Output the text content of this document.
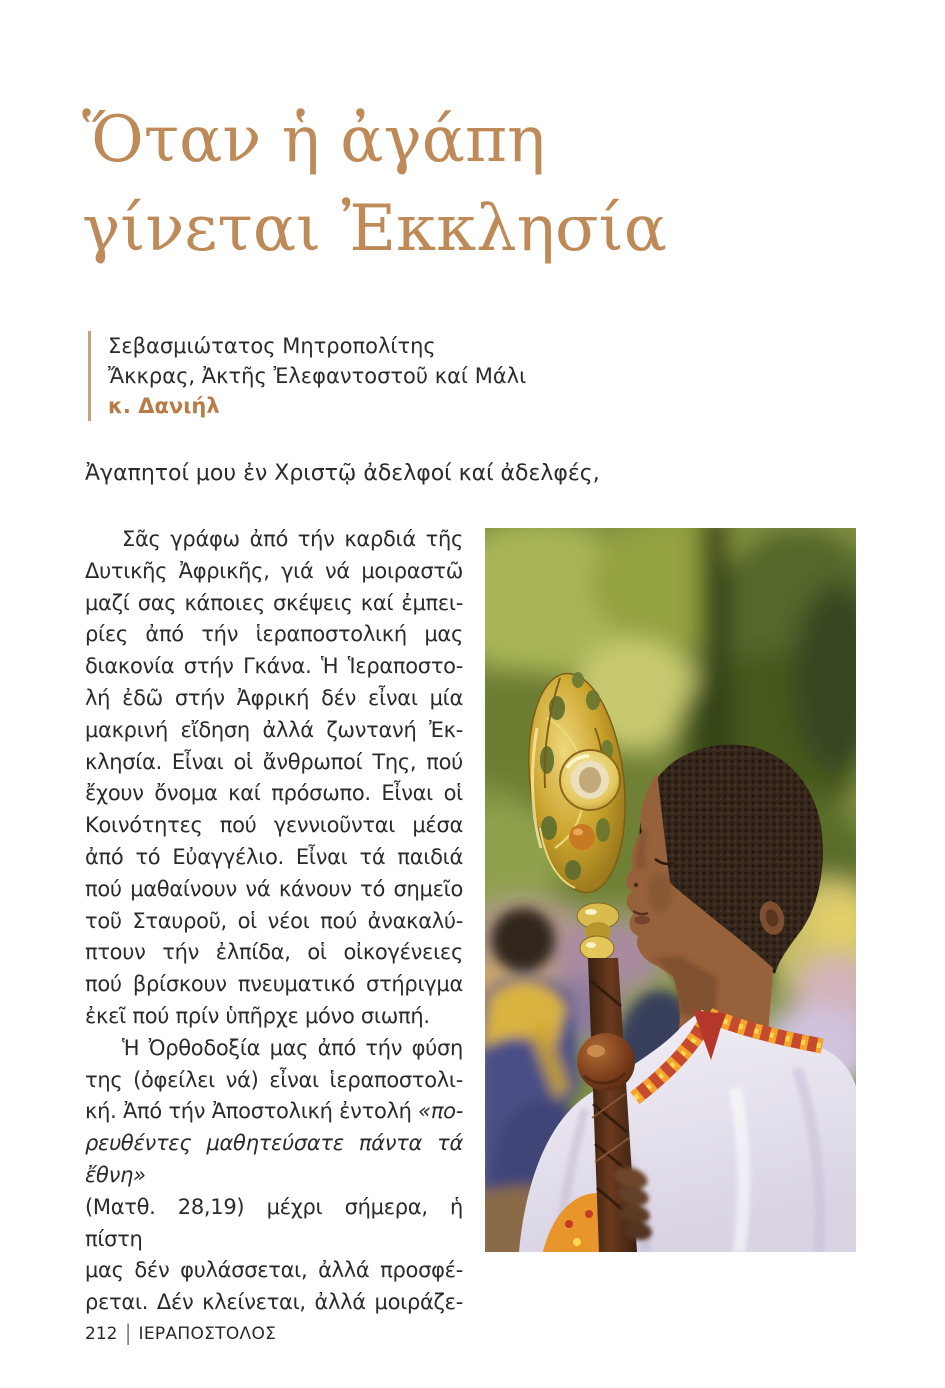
Ὅταν ἡ ἀγάπη
γίνεται Ἐκκλησία
Σεβασμιώτατος Μητροπολίτης
Ἄκκρας, Ἀκτῆς Ἐλεφαντοστοῦ καί Μάλι
κ. Δανιήλ
Ἀγαπητοί μου ἐν Χριστῷ ἀδελφοί καί ἀδελφές,
Σᾶς γράφω ἀπό τήν καρδιά τῆς
Δυτικῆς Ἀφρικῆς, γιά νά μοιραστῶ
μαζί σας κάποιες σκέψεις καί ἐμπει-
ρίες ἀπό τήν ἱεραποστολική μας
διακονία στήν Γκάνα. Ἡ Ἱεραποστο-
λή ἐδῶ στήν Ἀφρική δέν εἶναι μία
μακρινή εἴδηση ἀλλά ζωντανή Ἐκ-
κλησία. Εἶναι οἱ ἄνθρωποί Της, πού
ἔχουν ὄνομα καί πρόσωπο. Εἶναι οἱ
Κοινότητες πού γεννιοῦνται μέσα
ἀπό τό Εὐαγγέλιο. Εἶναι τά παιδιά
πού μαθαίνουν νά κάνουν τό σημεῖο
τοῦ Σταυροῦ, οἱ νέοι πού ἀνακαλύ-
πτουν τήν ἐλπίδα, οἱ οἰκογένειες
πού βρίσκουν πνευματικό στήριγμα
ἐκεῖ πού πρίν ὑπῆρχε μόνο σιωπή.
Ἡ Ὀρθοδοξία μας ἀπό τήν φύση
της (ὀφείλει νά) εἶναι ἱεραποστολι-
κή. Ἀπό τήν Ἀποστολική ἐντολή «πο-
ρευθέντες μαθητεύσατε πάντα τά ἔθνη»
(Ματθ. 28,19) μέχρι σήμερα, ἡ πίστη
μας δέν φυλάσσεται, ἀλλά προσφέ-
ρεται. Δέν κλείνεται, ἀλλά μοιράζε-
212 | ΙΕΡΑΠΟΣΤΟΛΟΣ
